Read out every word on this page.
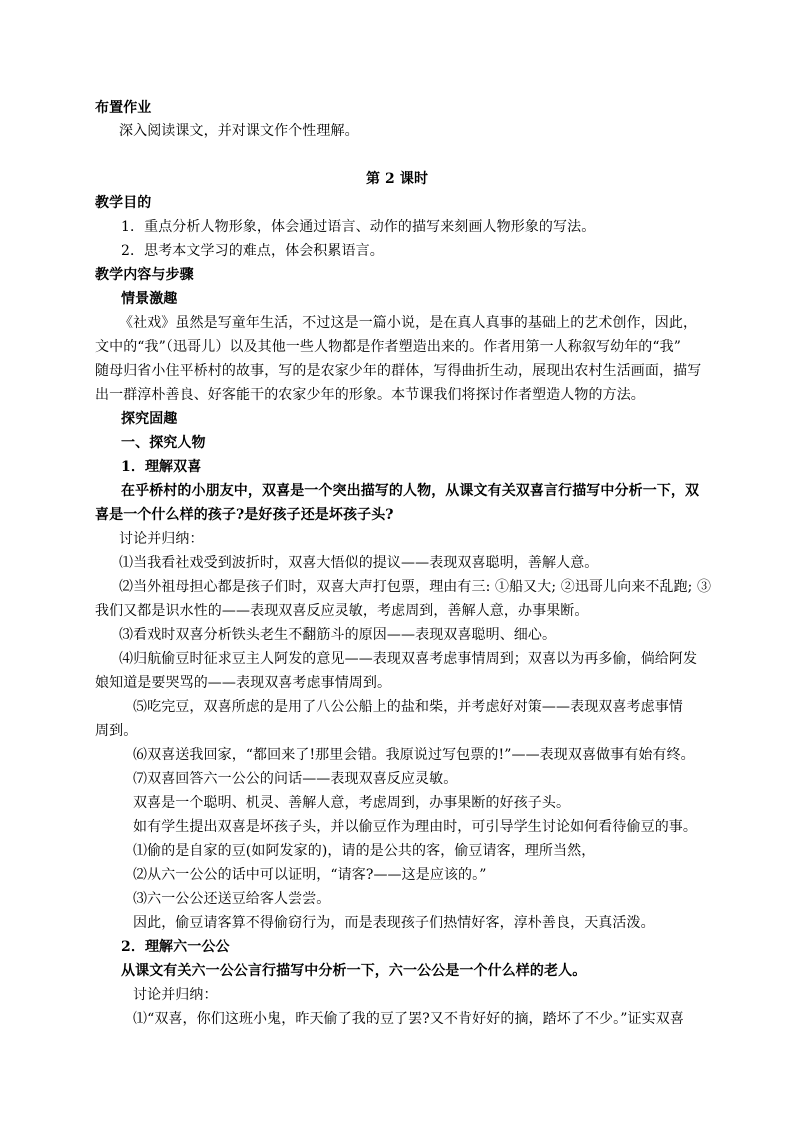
布置作业
深入阅读课文，并对课文作个性理解。
第 2 课时
教学目的
1．重点分析人物形象，体会通过语言、动作的描写来刻画人物形象的写法。
2．思考本文学习的难点，体会积累语言。
教学内容与步骤
情景激趣
《社戏》虽然是写童年生活，不过这是一篇小说，是在真人真事的基础上的艺术创作，因此，
文中的“我”（迅哥儿）以及其他一些人物都是作者塑造出来的。作者用第一人称叙写幼年的“我”
随母归省小住平桥村的故事，写的是农家少年的群体，写得曲折生动，展现出农村生活画面，描写
出一群淳朴善良、好客能干的农家少年的形象。本节课我们将探讨作者塑造人物的方法。
探究固趣
一、探究人物
1．理解双喜
在乎桥村的小朋友中，双喜是一个突出描写的人物，从课文有关双喜言行描写中分析一下，双
喜是一个什么样的孩子?是好孩子还是坏孩子头?
讨论并归纳：
⑴当我看社戏受到波折时，双喜大悟似的提议——表现双喜聪明，善解人意。
⑵当外祖母担心都是孩子们时，双喜大声打包票，理由有三: ①船又大; ②迅哥儿向来不乱跑; ③
我们又都是识水性的——表现双喜反应灵敏，考虑周到，善解人意，办事果断。
⑶看戏时双喜分析铁头老生不翻筋斗的原因——表现双喜聪明、细心。
⑷归航偷豆时征求豆主人阿发的意见——表现双喜考虑事情周到；双喜以为再多偷，倘给阿发
娘知道是要哭骂的——表现双喜考虑事情周到。
⑸吃完豆，双喜所虑的是用了八公公船上的盐和柴，并考虑好对策——表现双喜考虑事情
周到。
⑹双喜送我回家，“都回来了!那里会错。我原说过写包票的!”——表现双喜做事有始有终。
⑺双喜回答六一公公的问话——表现双喜反应灵敏。
双喜是一个聪明、机灵、善解人意，考虑周到，办事果断的好孩子头。
如有学生提出双喜是坏孩子头，并以偷豆作为理由时，可引导学生讨论如何看待偷豆的事。
⑴偷的是自家的豆(如阿发家的)，请的是公共的客，偷豆请客，理所当然，
⑵从六一公公的话中可以证明，“请客?——这是应该的。”
⑶六一公公还送豆给客人尝尝。
因此，偷豆请客算不得偷窃行为，而是表现孩子们热情好客，淳朴善良，天真活泼。
2．理解六一公公
从课文有关六一公公言行描写中分析一下，六一公公是一个什么样的老人。
讨论并归纳：
⑴“双喜，你们这班小鬼，昨天偷了我的豆了罢?又不肯好好的摘，踏坏了不少。”证实双喜
